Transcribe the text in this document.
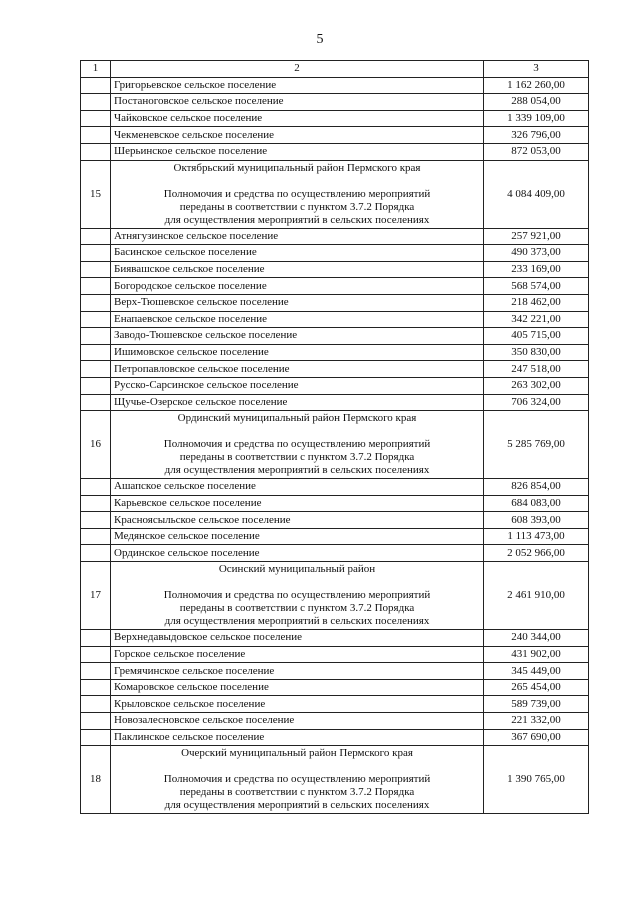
5
1	2	3
	Григорьевское сельское поселение	1 162 260,00
	Постаноговское сельское поселение	288 054,00
	Чайковское сельское поселение	1 339 109,00
	Чекменевское сельское поселение	326 796,00
	Шерьинское сельское поселение	872 053,00
15	Октябрьский муниципальный район Пермского края
Полномочия и средства по осуществлению мероприятий
переданы в соответствии с пунктом 3.7.2 Порядка
для осуществления мероприятий в сельских поселениях	4 084 409,00
	Атнягузинское сельское поселение	257 921,00
	Басинское сельское поселение	490 373,00
	Биявашское сельское поселение	233 169,00
	Богородское сельское поселение	568 574,00
	Верх-Тюшевское сельское поселение	218 462,00
	Енапаевское сельское поселение	342 221,00
	Заводо-Тюшевское сельское поселение	405 715,00
	Ишимовское сельское поселение	350 830,00
	Петропавловское сельское поселение	247 518,00
	Русско-Сарсинское сельское поселение	263 302,00
	Щучье-Озерское сельское поселение	706 324,00
16	Ординский муниципальный район Пермского края
Полномочия и средства по осуществлению мероприятий
переданы в соответствии с пунктом 3.7.2 Порядка
для осуществления мероприятий в сельских поселениях	5 285 769,00
	Ашапское сельское поселение	826 854,00
	Карьевское сельское поселение	684 083,00
	Красноясыльское сельское поселение	608 393,00
	Медянское сельское поселение	1 113 473,00
	Ординское сельское поселение	2 052 966,00
17	Осинский муниципальный район
Полномочия и средства по осуществлению мероприятий
переданы в соответствии с пунктом 3.7.2 Порядка
для осуществления мероприятий в сельских поселениях	2 461 910,00
	Верхнедавыдовское сельское поселение	240 344,00
	Горское сельское поселение	431 902,00
	Гремячинское сельское поселение	345 449,00
	Комаровское сельское поселение	265 454,00
	Крыловское сельское поселение	589 739,00
	Новозалесновское сельское поселение	221 332,00
	Паклинское сельское поселение	367 690,00
18	Очерский муниципальный район Пермского края
Полномочия и средства по осуществлению мероприятий
переданы в соответствии с пунктом 3.7.2 Порядка
для осуществления мероприятий в сельских поселениях	1 390 765,00
